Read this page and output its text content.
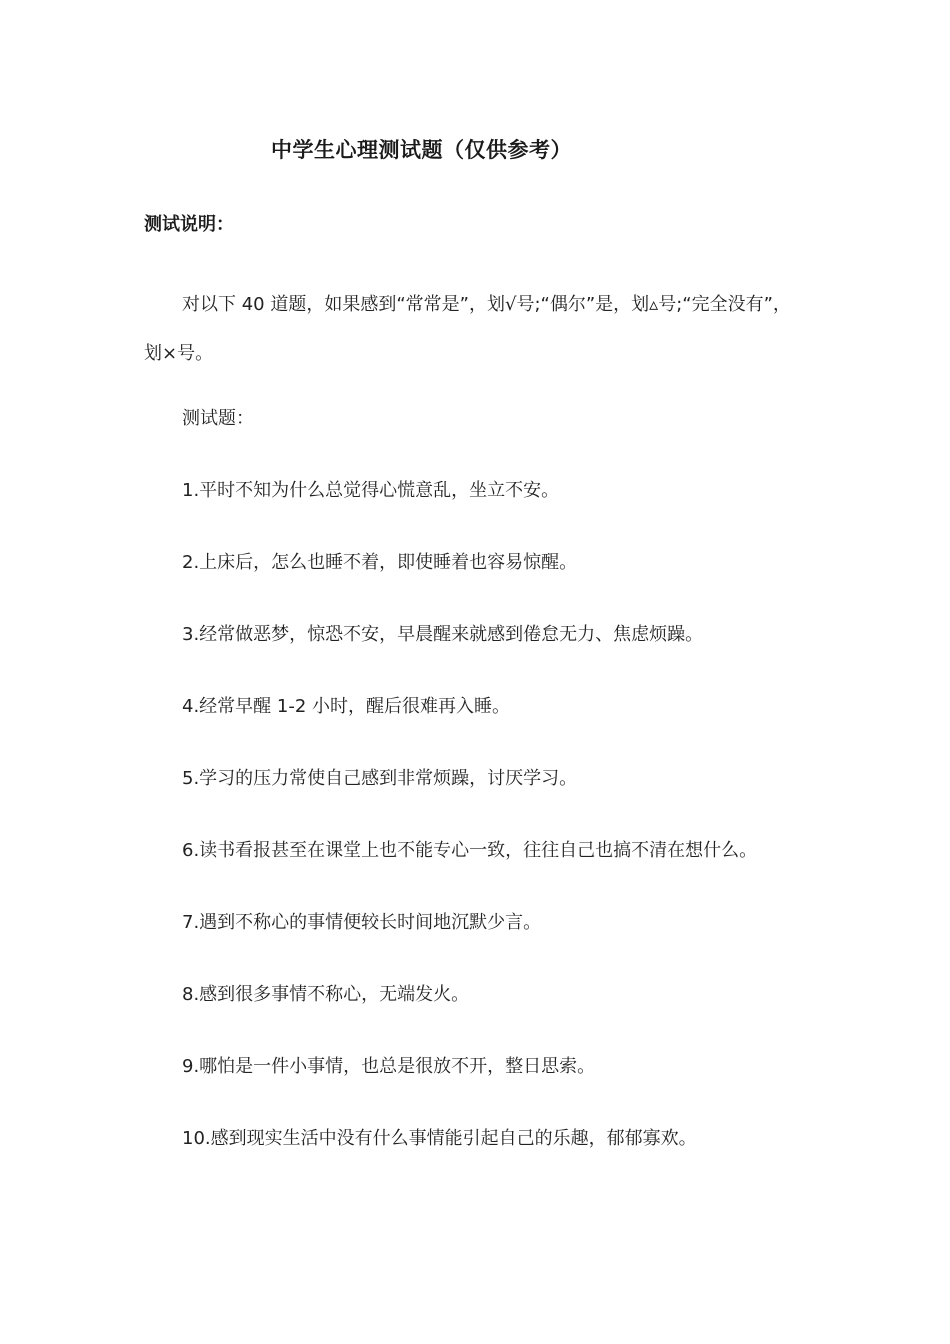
中学生心理测试题（仅供参考）
测试说明：
对以下 40 道题，如果感到“常常是”，划√号;“偶尔”是，划▵号;“完全没有”，划×号。
测试题：
1.平时不知为什么总觉得心慌意乱，坐立不安。
2.上床后，怎么也睡不着，即使睡着也容易惊醒。
3.经常做恶梦，惊恐不安，早晨醒来就感到倦怠无力、焦虑烦躁。
4.经常早醒 1-2 小时，醒后很难再入睡。
5.学习的压力常使自己感到非常烦躁，讨厌学习。
6.读书看报甚至在课堂上也不能专心一致，往往自己也搞不清在想什么。
7.遇到不称心的事情便较长时间地沉默少言。
8.感到很多事情不称心，无端发火。
9.哪怕是一件小事情，也总是很放不开，整日思索。
10.感到现实生活中没有什么事情能引起自己的乐趣，郁郁寡欢。
